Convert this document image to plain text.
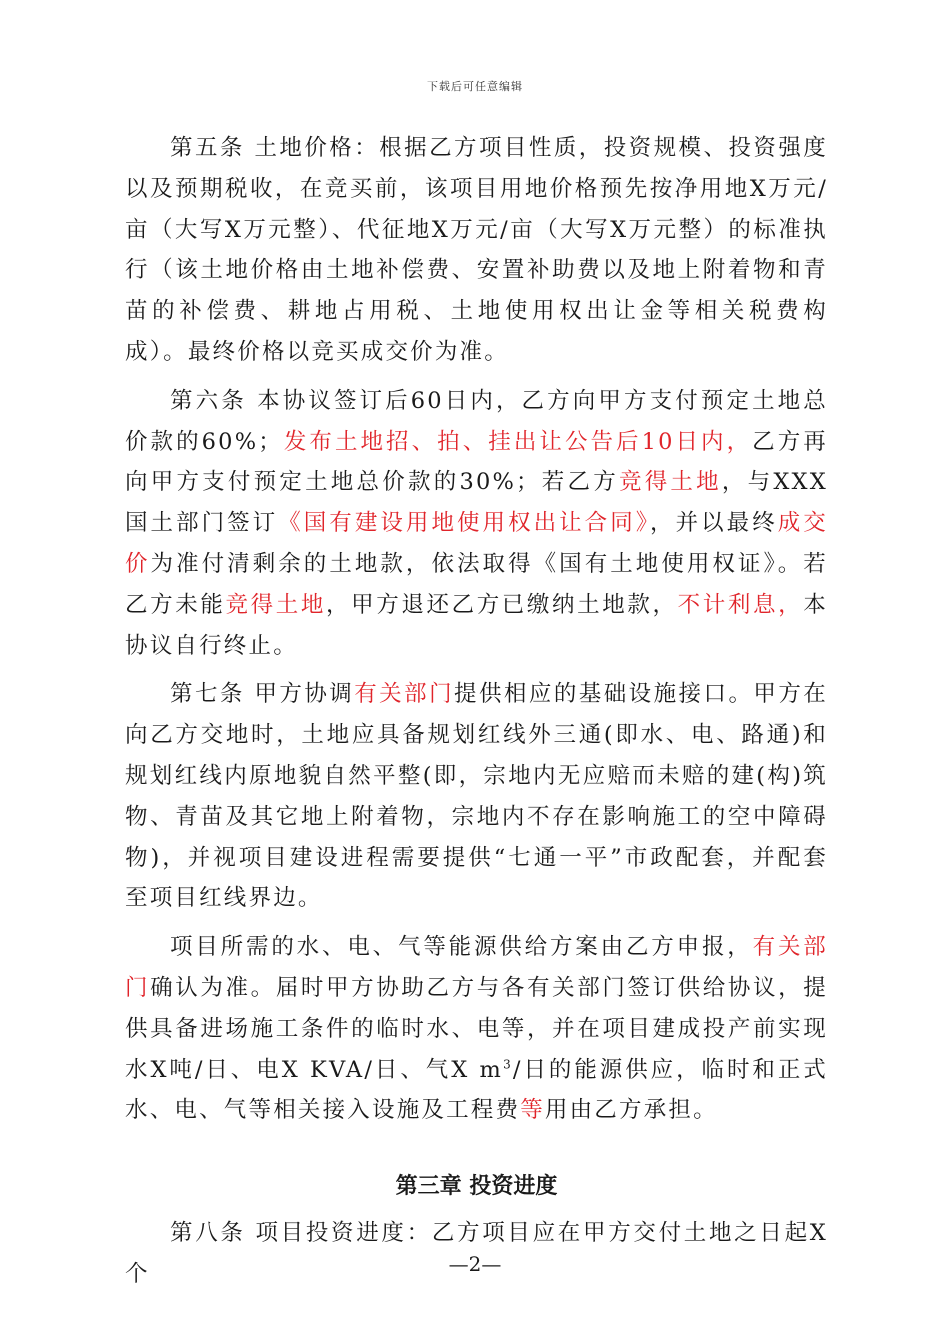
下载后可任意编辑

第五条 土地价格：根据乙方项目性质，投资规模、投资强度以及预期税收，在竞买前，该项目用地价格预先按净用地X万元/亩（大写X万元整）、代征地X万元/亩（大写X万元整）的标准执行（该土地价格由土地补偿费、安置补助费以及地上附着物和青苗的补偿费、耕地占用税、土地使用权出让金等相关税费构成）。最终价格以竞买成交价为准。

第六条 本协议签订后60日内，乙方向甲方支付预定土地总价款的60%；发布土地招、拍、挂出让公告后10日内，乙方再向甲方支付预定土地总价款的30%；若乙方竞得土地，与XXX国土部门签订《国有建设用地使用权出让合同》，并以最终成交价为准付清剩余的土地款，依法取得《国有土地使用权证》。若乙方未能竞得土地，甲方退还乙方已缴纳土地款，不计利息，本协议自行终止。

第七条 甲方协调有关部门提供相应的基础设施接口。甲方在向乙方交地时，土地应具备规划红线外三通(即水、电、路通)和规划红线内原地貌自然平整(即，宗地内无应赔而未赔的建(构)筑物、青苗及其它地上附着物，宗地内不存在影响施工的空中障碍物)，并视项目建设进程需要提供“七通一平”市政配套，并配套至项目红线界边。

项目所需的水、电、气等能源供给方案由乙方申报，有关部门确认为准。届时甲方协助乙方与各有关部门签订供给协议，提供具备进场施工条件的临时水、电等，并在项目建成投产前实现水X吨/日、电X KVA/日、气X $m^3/$日的能源供应，临时和正式水、电、气等相关接入设施及工程费等用由乙方承担。

第三章 投资进度

第八条 项目投资进度：乙方项目应在甲方交付土地之日起X个	—2—
